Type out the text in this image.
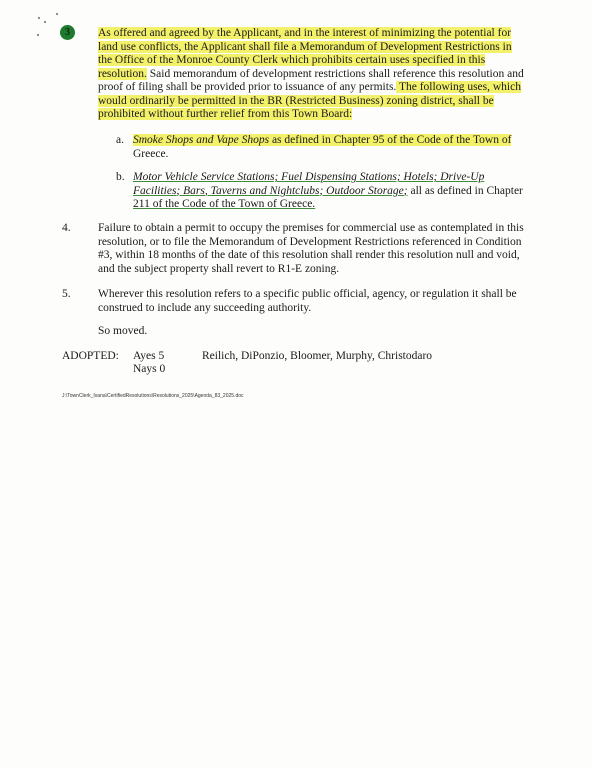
3	As offered and agreed by the Applicant, and in the interest of minimizing the potential for
land use conflicts, the Applicant shall file a Memorandum of Development Restrictions in
the Office of the Monroe County Clerk which prohibits certain uses specified in this
resolution. Said memorandum of development restrictions shall reference this resolution and
proof of filing shall be provided prior to issuance of any permits. The following uses, which
would ordinarily be permitted in the BR (Restricted Business) zoning district, shall be
prohibited without further relief from this Town Board:
a. Smoke Shops and Vape Shops as defined in Chapter 95 of the Code of the Town of
Greece.
b. Motor Vehicle Service Stations; Fuel Dispensing Stations; Hotels; Drive-Up
Facilities; Bars, Taverns and Nightclubs; Outdoor Storage; all as defined in Chapter
211 of the Code of the Town of Greece.
4. Failure to obtain a permit to occupy the premises for commercial use as contemplated in this
resolution, or to file the Memorandum of Development Restrictions referenced in Condition
#3, within 18 months of the date of this resolution shall render this resolution null and void,
and the subject property shall revert to R1-E zoning.
5. Wherever this resolution refers to a specific public official, agency, or regulation it shall be
construed to include any succeeding authority.
So moved.
ADOPTED: Ayes 5
Nays 0
Reilich, DiPonzio, Bloomer, Murphy, Christodaro
J:\TownClerk_Ivana\CertifiedResolutions\Resolutions_2025\Agenda_83_2025.doc
